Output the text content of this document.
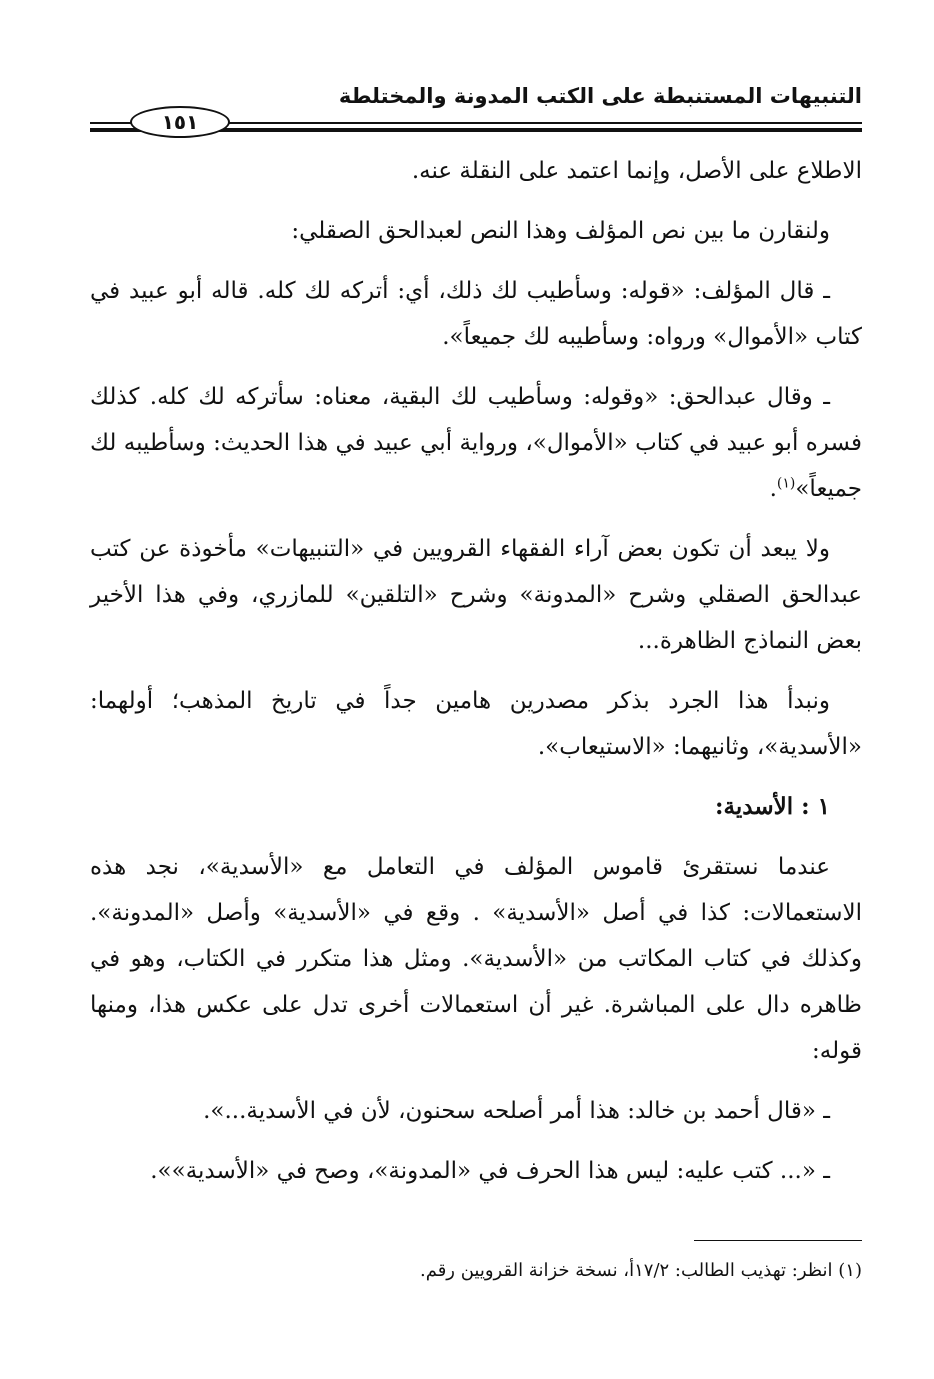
التنبيهات المستنبطة على الكتب المدونة والمختلطة
١٥١

الاطلاع على الأصل، وإنما اعتمد على النقلة عنه.

ولنقارن ما بين نص المؤلف وهذا النص لعبدالحق الصقلي:

ـ قال المؤلف: «قوله: وسأطيب لك ذلك، أي: أتركه لك كله. قاله أبو عبيد في كتاب «الأموال» ورواه: وسأطيبه لك جميعاً».

ـ وقال عبدالحق: «وقوله: وسأطيب لك البقية، معناه: سأتركه لك كله. كذلك فسره أبو عبيد في كتاب «الأموال»، ورواية أبي عبيد في هذا الحديث: وسأطيبه لك جميعاً»$^{(١)}$.

ولا يبعد أن تكون بعض آراء الفقهاء القرويين في «التنبيهات» مأخوذة عن كتب عبدالحق الصقلي وشرح «المدونة» وشرح «التلقين» للمازري، وفي هذا الأخير بعض النماذج الظاهرة...

ونبدأ هذا الجرد بذكر مصدرين هامين جداً في تاريخ المذهب؛ أولهما: «الأسدية»، وثانيهما: «الاستيعاب».

١ : الأسدية:

عندما نستقرئ قاموس المؤلف في التعامل مع «الأسدية»، نجد هذه الاستعمالات: كذا في أصل «الأسدية» . وقع في «الأسدية» وأصل «المدونة». وكذلك في كتاب المكاتب من «الأسدية». ومثل هذا متكرر في الكتاب، وهو في ظاهره دال على المباشرة. غير أن استعمالات أخرى تدل على عكس هذا، ومنها قوله:

ـ «قال أحمد بن خالد: هذا أمر أصلحه سحنون، لأن في الأسدية...».

ـ «... كتب عليه: ليس هذا الحرف في «المدونة»، وصح في «الأسدية»».

(١) انظر: تهذيب الطالب: ١٧/٢أ، نسخة خزانة القرويين رقم.
